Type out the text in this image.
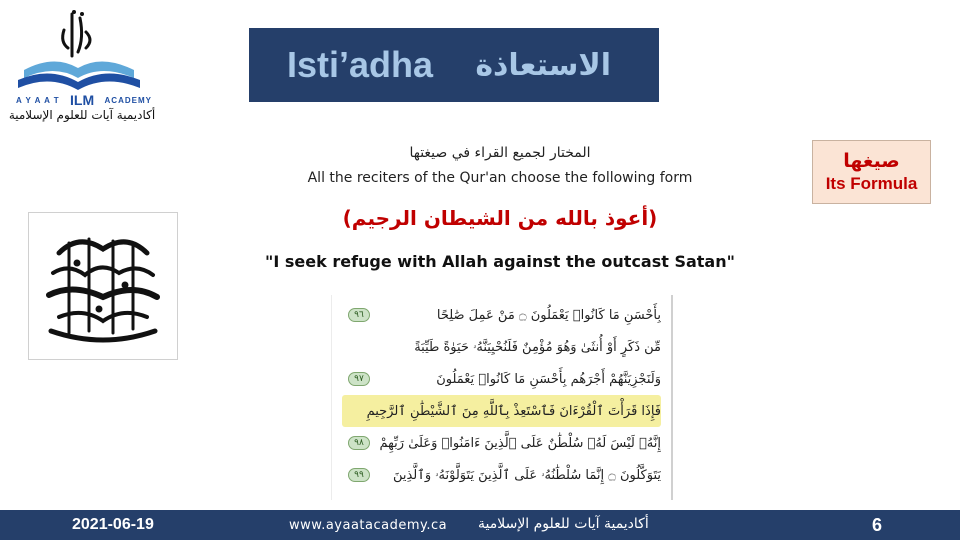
A Y A A T ILM ACADEMY
أكاديمية آيات للعلوم الإسلامية
Isti’adha الاستعاذة
صيغها
Its Formula
المختار لجميع القراء في صيغتها
All the reciters of the Qur'an choose the following form
(أعوذ بالله من الشيطان الرجيم)
"I seek refuge with Allah against the outcast Satan"
بِأَحْسَنِ مَا كَانُوا۟ يَعْمَلُونَ ۝ مَنْ عَمِلَ صَٰلِحًا
٩٦
مِّن ذَكَرٍ أَوْ أُنثَىٰ وَهُوَ مُؤْمِنٌ فَلَنُحْيِيَنَّهُۥ حَيَوٰةً طَيِّبَةً
وَلَنَجْزِيَنَّهُمْ أَجْرَهُم بِأَحْسَنِ مَا كَانُوا۟ يَعْمَلُونَ
٩٧
فَإِذَا قَرَأْتَ ٱلْقُرْءَانَ فَٱسْتَعِذْ بِٱللَّهِ مِنَ ٱلشَّيْطَٰنِ ٱلرَّجِيمِ
إِنَّهُۥ لَيْسَ لَهُۥ سُلْطَٰنٌ عَلَى ٱلَّذِينَ ءَامَنُوا۟ وَعَلَىٰ رَبِّهِمْ
٩٨
يَتَوَكَّلُونَ ۝ إِنَّمَا سُلْطَٰنُهُۥ عَلَى ٱلَّذِينَ يَتَوَلَّوْنَهُۥ وَٱلَّذِينَ
٩٩
2021-06-19	www.ayaatacademy.ca أكاديمية آيات للعلوم الإسلامية	6
